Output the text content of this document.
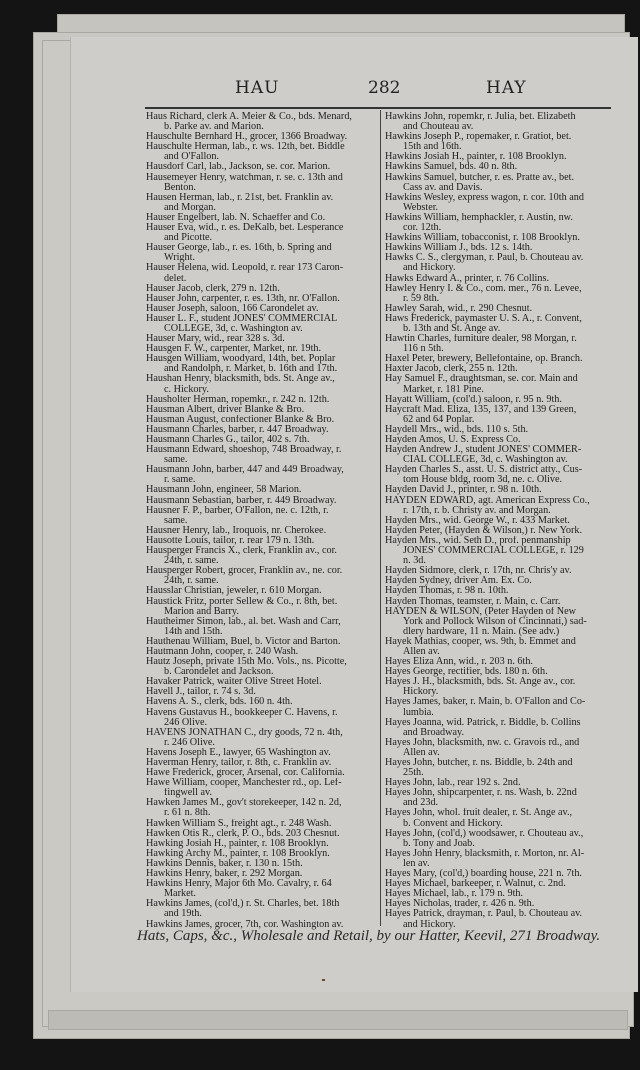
HAU	282	HAY
Haus Richard, clerk A. Meier & Co., bds. Menard,
b. Parke av. and Marion.
Hauschulte Bernhard H., grocer, 1366 Broadway.
Hauschulte Herman, lab., r. ws. 12th, bet. Biddle
and O'Fallon.
Hausdorf Carl, lab., Jackson, se. cor. Marion.
Hausemeyer Henry, watchman, r. se. c. 13th and
Benton.
Hausen Herman, lab., r. 21st, bet. Franklin av.
and Morgan.
Hauser Engelbert, lab. N. Schaeffer and Co.
Hauser Eva, wid., r. es. DeKalb, bet. Lesperance
and Picotte.
Hauser George, lab., r. es. 16th, b. Spring and
Wright.
Hauser Helena, wid. Leopold, r. rear 173 Caron-
delet.
Hauser Jacob, clerk, 279 n. 12th.
Hauser John, carpenter, r. es. 13th, nr. O'Fallon.
Hauser Joseph, saloon, 166 Carondelet av.
Hauser L. F., student JONES' COMMERCIAL
COLLEGE, 3d, c. Washington av.
Hauser Mary, wid., rear 328 s. 3d.
Hausgen F. W., carpenter, Market, nr. 19th.
Hausgen William, woodyard, 14th, bet. Poplar
and Randolph, r. Market, b. 16th and 17th.
Haushan Henry, blacksmith, bds. St. Ange av.,
c. Hickory.
Hausholter Herman, ropemkr., r. 242 n. 12th.
Hausman Albert, driver Blanke & Bro.
Hausman August, confectioner Blanke & Bro.
Hausmann Charles, barber, r. 447 Broadway.
Hausmann Charles G., tailor, 402 s. 7th.
Hausmann Edward, shoeshop, 748 Broadway, r.
same.
Hausmann John, barber, 447 and 449 Broadway,
r. same.
Hausmann John, engineer, 58 Marion.
Hausmann Sebastian, barber, r. 449 Broadway.
Hausner F. P., barber, O'Fallon, ne. c. 12th, r.
same.
Hausner Henry, lab., Iroquois, nr. Cherokee.
Hausotte Louis, tailor, r. rear 179 n. 13th.
Hausperger Francis X., clerk, Franklin av., cor.
24th, r. same.
Hausperger Robert, grocer, Franklin av., ne. cor.
24th, r. same.
Hausslar Christian, jeweler, r. 610 Morgan.
Haustick Fritz, porter Sellew & Co., r. 8th, bet.
Marion and Barry.
Hautheimer Simon, lab., al. bet. Wash and Carr,
14th and 15th.
Hauthenau William, Buel, b. Victor and Barton.
Hautmann John, cooper, r. 240 Wash.
Hautz Joseph, private 15th Mo. Vols., ns. Picotte,
b. Carondelet and Jackson.
Havaker Patrick, waiter Olive Street Hotel.
Havell J., tailor, r. 74 s. 3d.
Havens A. S., clerk, bds. 160 n. 4th.
Havens Gustavus H., bookkeeper C. Havens, r.
246 Olive.
HAVENS JONATHAN C., dry goods, 72 n. 4th,
r. 246 Olive.
Havens Joseph E., lawyer, 65 Washington av.
Haverman Henry, tailor, r. 8th, c. Franklin av.
Hawe Frederick, grocer, Arsenal, cor. California.
Hawe William, cooper, Manchester rd., op. Lef-
fingwell av.
Hawken James M., gov't storekeeper, 142 n. 2d,
r. 61 n. 8th.
Hawken William S., freight agt., r. 248 Wash.
Hawken Otis R., clerk, P. O., bds. 203 Chesnut.
Hawking Josiah H., painter, r. 108 Brooklyn.
Hawking Archy M., painter, r. 108 Brooklyn.
Hawkins Dennis, baker, r. 130 n. 15th.
Hawkins Henry, baker, r. 292 Morgan.
Hawkins Henry, Major 6th Mo. Cavalry, r. 64
Market.
Hawkins James, (col'd,) r. St. Charles, bet. 18th
and 19th.
Hawkins James, grocer, 7th, cor. Washington av.
Hawkins John, ropemkr, r. Julia, bet. Elizabeth
and Chouteau av.
Hawkins Joseph P., ropemaker, r. Gratiot, bet.
15th and 16th.
Hawkins Josiah H., painter, r. 108 Brooklyn.
Hawkins Samuel, bds. 40 n. 8th.
Hawkins Samuel, butcher, r. es. Pratte av., bet.
Cass av. and Davis.
Hawkins Wesley, express wagon, r. cor. 10th and
Webster.
Hawkins William, hemphackler, r. Austin, nw.
cor. 12th.
Hawkins William, tobacconist, r. 108 Brooklyn.
Hawkins William J., bds. 12 s. 14th.
Hawks C. S., clergyman, r. Paul, b. Chouteau av.
and Hickory.
Hawks Edward A., printer, r. 76 Collins.
Hawley Henry I. & Co., com. mer., 76 n. Levee,
r. 59 8th.
Hawley Sarah, wid., r. 290 Chesnut.
Haws Frederick, paymaster U. S. A., r. Convent,
b. 13th and St. Ange av.
Hawtin Charles, furniture dealer, 98 Morgan, r.
116 n 5th.
Haxel Peter, brewery, Bellefontaine, op. Branch.
Haxter Jacob, clerk, 255 n. 12th.
Hay Samuel F., draughtsman, se. cor. Main and
Market, r. 181 Pine.
Hayatt William, (col'd.) saloon, r. 95 n. 9th.
Haycraft Mad. Eliza, 135, 137, and 139 Green,
62 and 64 Poplar.
Haydell Mrs., wid., bds. 110 s. 5th.
Hayden Amos, U. S. Express Co.
Hayden Andrew J., student JONES' COMMER-
CIAL COLLEGE, 3d, c. Washington av.
Hayden Charles S., asst. U. S. district atty., Cus-
tom House bldg, room 3d, ne. c. Olive.
Hayden David J., printer, r. 98 n. 10th.
HAYDEN EDWARD, agt. American Express Co.,
r. 17th, r. b. Christy av. and Morgan.
Hayden Mrs., wid. George W., r. 433 Market.
Hayden Peter, (Hayden & Wilson,) r. New York.
Hayden Mrs., wid. Seth D., prof. penmanship
JONES' COMMERCIAL COLLEGE, r. 129
n. 3d.
Hayden Sidmore, clerk, r. 17th, nr. Chris'y av.
Hayden Sydney, driver Am. Ex. Co.
Hayden Thomas, r. 98 n. 10th.
Hayden Thomas, teamster, r. Main, c. Carr.
HAYDEN & WILSON, (Peter Hayden of New
York and Pollock Wilson of Cincinnati,) sad-
dlery hardware, 11 n. Main. (See adv.)
Hayek Mathias, cooper, ws. 9th, b. Emmet and
Allen av.
Hayes Eliza Ann, wid., r. 203 n. 6th.
Hayes George, rectifier, bds. 180 n. 6th.
Hayes J. H., blacksmith, bds. St. Ange av., cor.
Hickory.
Hayes James, baker, r. Main, b. O'Fallon and Co-
lumbia.
Hayes Joanna, wid. Patrick, r. Biddle, b. Collins
and Broadway.
Hayes John, blacksmith, nw. c. Gravois rd., and
Allen av.
Hayes John, butcher, r. ns. Biddle, b. 24th and
25th.
Hayes John, lab., rear 192 s. 2nd.
Hayes John, shipcarpenter, r. ns. Wash, b. 22nd
and 23d.
Hayes John, whol. fruit dealer, r. St. Ange av.,
b. Convent and Hickory.
Hayes John, (col'd,) woodsawer, r. Chouteau av.,
b. Tony and Joab.
Hayes John Henry, blacksmith, r. Morton, nr. Al-
len av.
Hayes Mary, (col'd,) boarding house, 221 n. 7th.
Hayes Michael, barkeeper, r. Walnut, c. 2nd.
Hayes Michael, lab., r. 179 n. 9th.
Hayes Nicholas, trader, r. 426 n. 9th.
Hayes Patrick, drayman, r. Paul, b. Chouteau av.
and Hickory.
Hats, Caps, &c., Wholesale and Retail, by our Hatter, Keevil, 271 Broadway.
